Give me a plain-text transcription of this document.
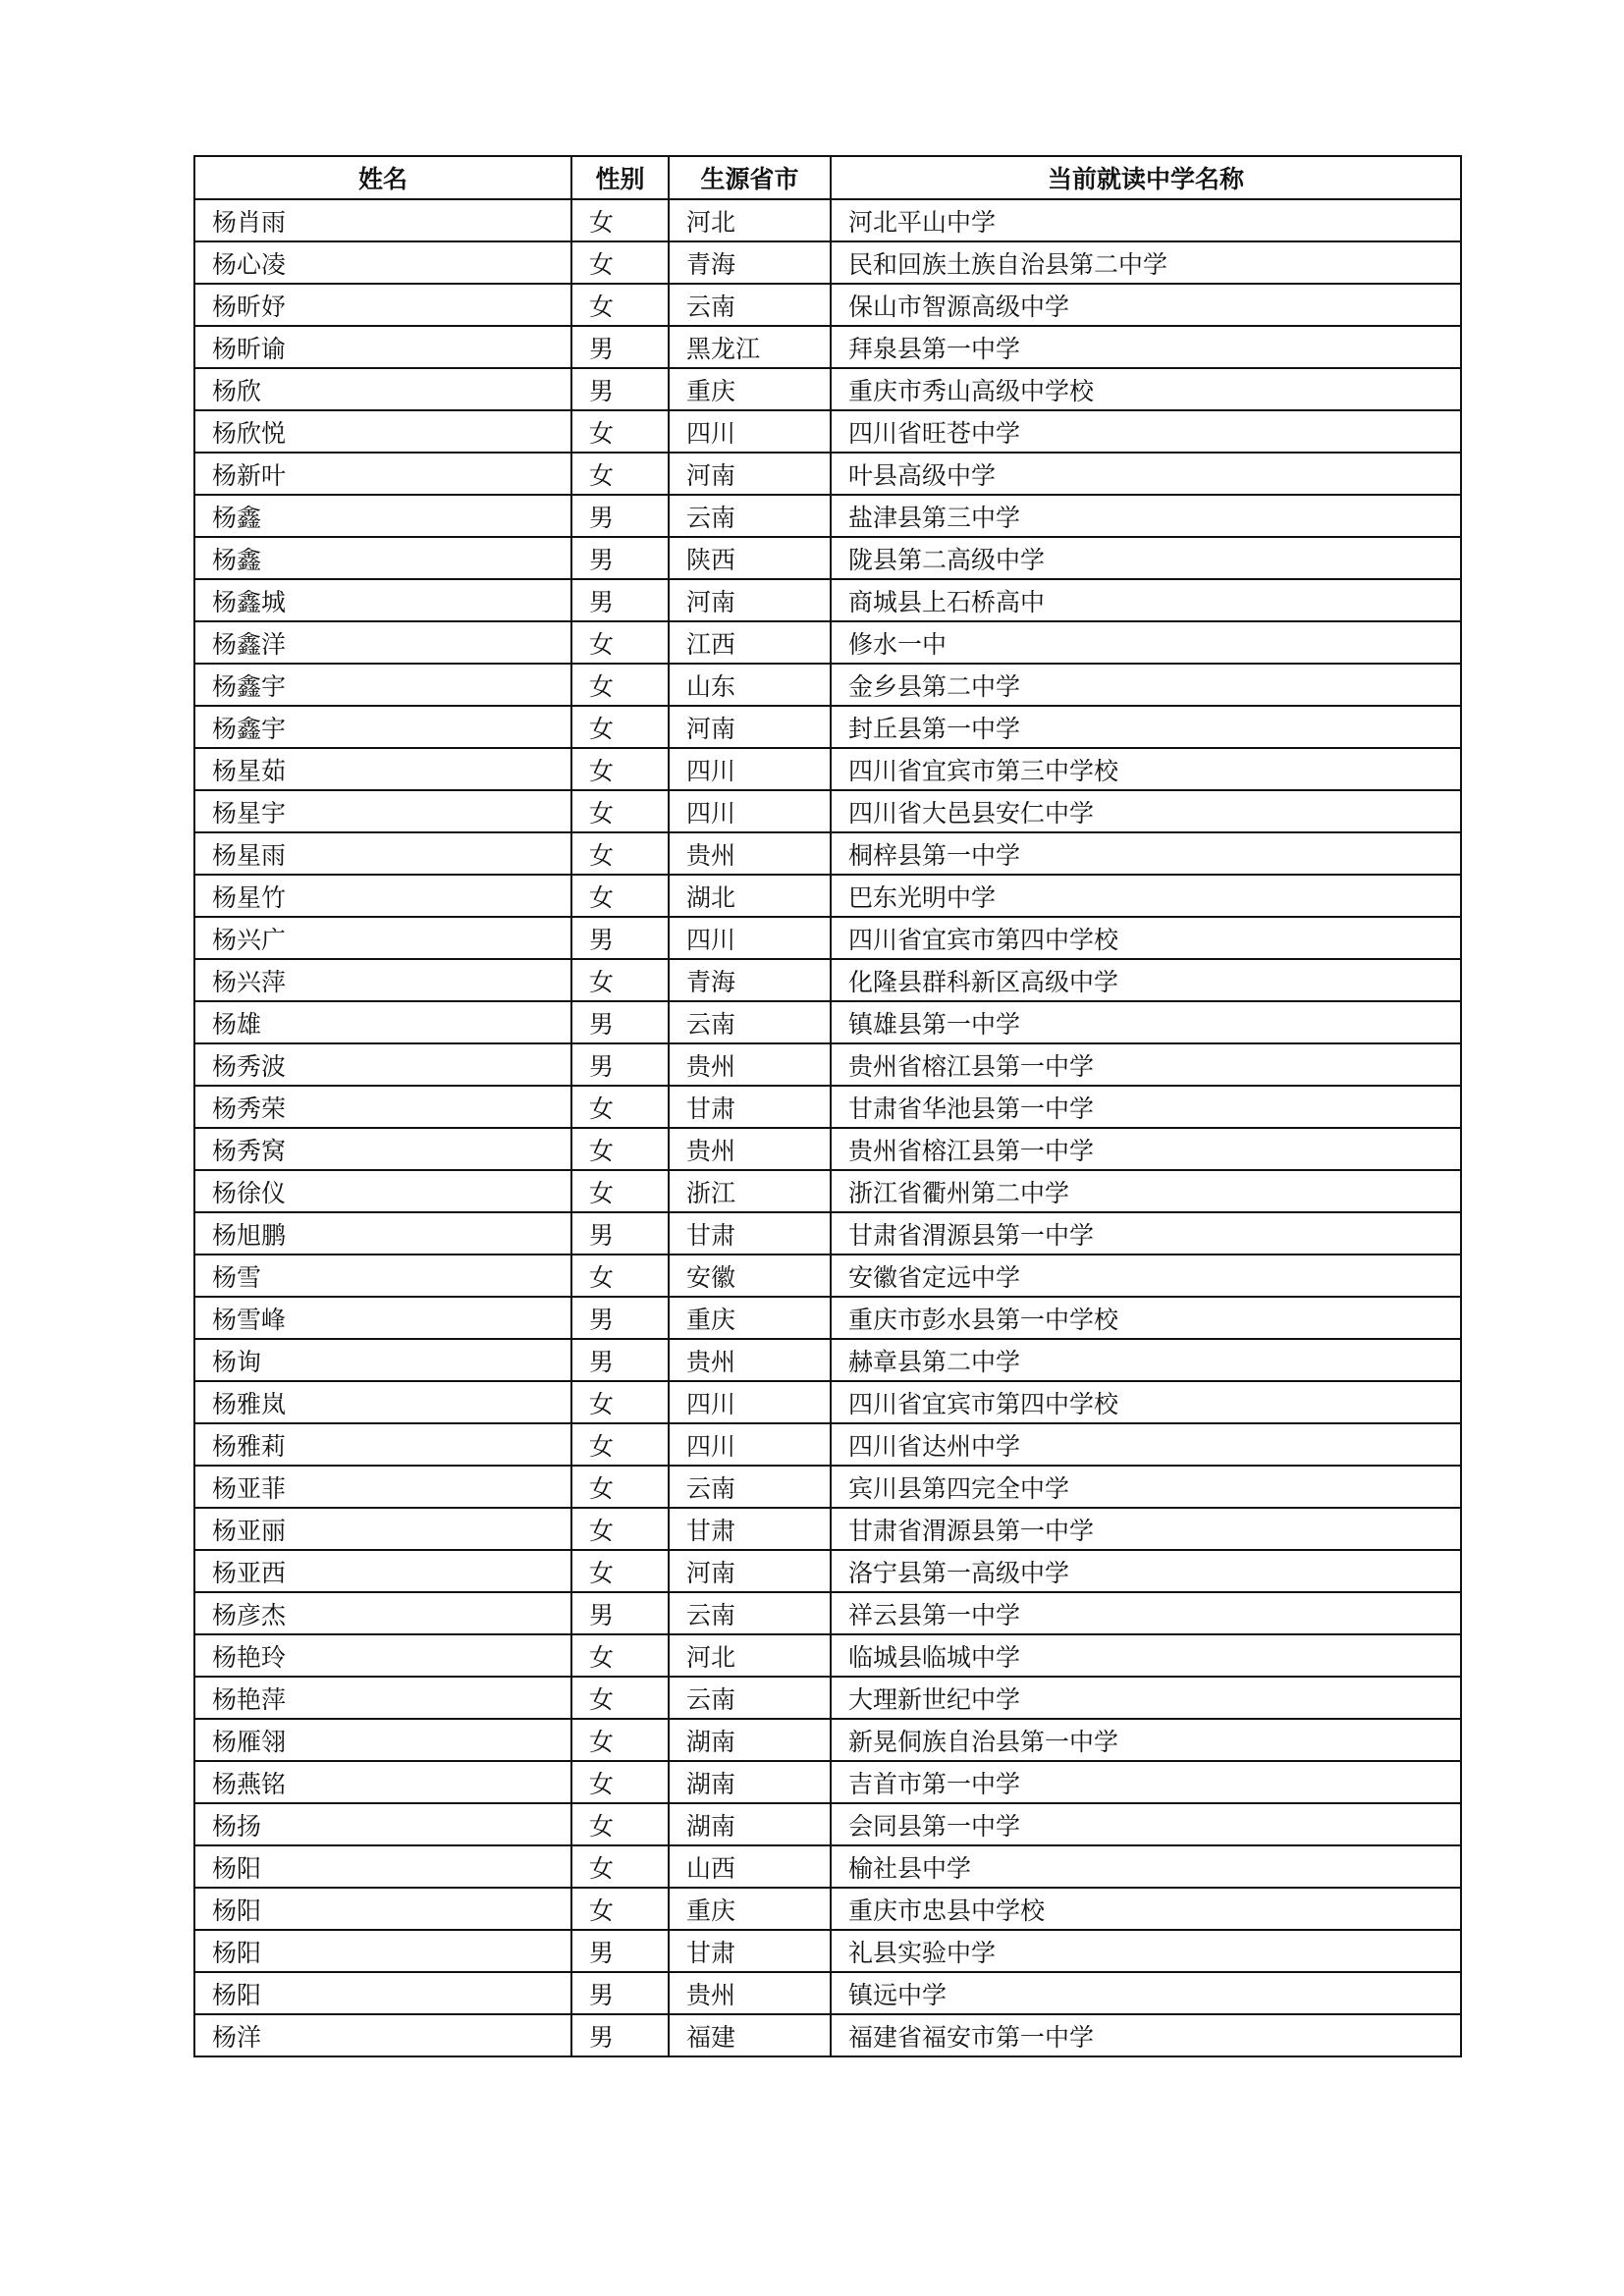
姓名	性别	生源省市	当前就读中学名称
杨肖雨	女	河北	河北平山中学
杨心凌	女	青海	民和回族土族自治县第二中学
杨昕妤	女	云南	保山市智源高级中学
杨昕谕	男	黑龙江	拜泉县第一中学
杨欣	男	重庆	重庆市秀山高级中学校
杨欣悦	女	四川	四川省旺苍中学
杨新叶	女	河南	叶县高级中学
杨鑫	男	云南	盐津县第三中学
杨鑫	男	陕西	陇县第二高级中学
杨鑫城	男	河南	商城县上石桥高中
杨鑫洋	女	江西	修水一中
杨鑫宇	女	山东	金乡县第二中学
杨鑫宇	女	河南	封丘县第一中学
杨星茹	女	四川	四川省宜宾市第三中学校
杨星宇	女	四川	四川省大邑县安仁中学
杨星雨	女	贵州	桐梓县第一中学
杨星竹	女	湖北	巴东光明中学
杨兴广	男	四川	四川省宜宾市第四中学校
杨兴萍	女	青海	化隆县群科新区高级中学
杨雄	男	云南	镇雄县第一中学
杨秀波	男	贵州	贵州省榕江县第一中学
杨秀荣	女	甘肃	甘肃省华池县第一中学
杨秀窝	女	贵州	贵州省榕江县第一中学
杨徐仪	女	浙江	浙江省衢州第二中学
杨旭鹏	男	甘肃	甘肃省渭源县第一中学
杨雪	女	安徽	安徽省定远中学
杨雪峰	男	重庆	重庆市彭水县第一中学校
杨询	男	贵州	赫章县第二中学
杨雅岚	女	四川	四川省宜宾市第四中学校
杨雅莉	女	四川	四川省达州中学
杨亚菲	女	云南	宾川县第四完全中学
杨亚丽	女	甘肃	甘肃省渭源县第一中学
杨亚西	女	河南	洛宁县第一高级中学
杨彦杰	男	云南	祥云县第一中学
杨艳玲	女	河北	临城县临城中学
杨艳萍	女	云南	大理新世纪中学
杨雁翎	女	湖南	新晃侗族自治县第一中学
杨燕铭	女	湖南	吉首市第一中学
杨扬	女	湖南	会同县第一中学
杨阳	女	山西	榆社县中学
杨阳	女	重庆	重庆市忠县中学校
杨阳	男	甘肃	礼县实验中学
杨阳	男	贵州	镇远中学
杨洋	男	福建	福建省福安市第一中学
